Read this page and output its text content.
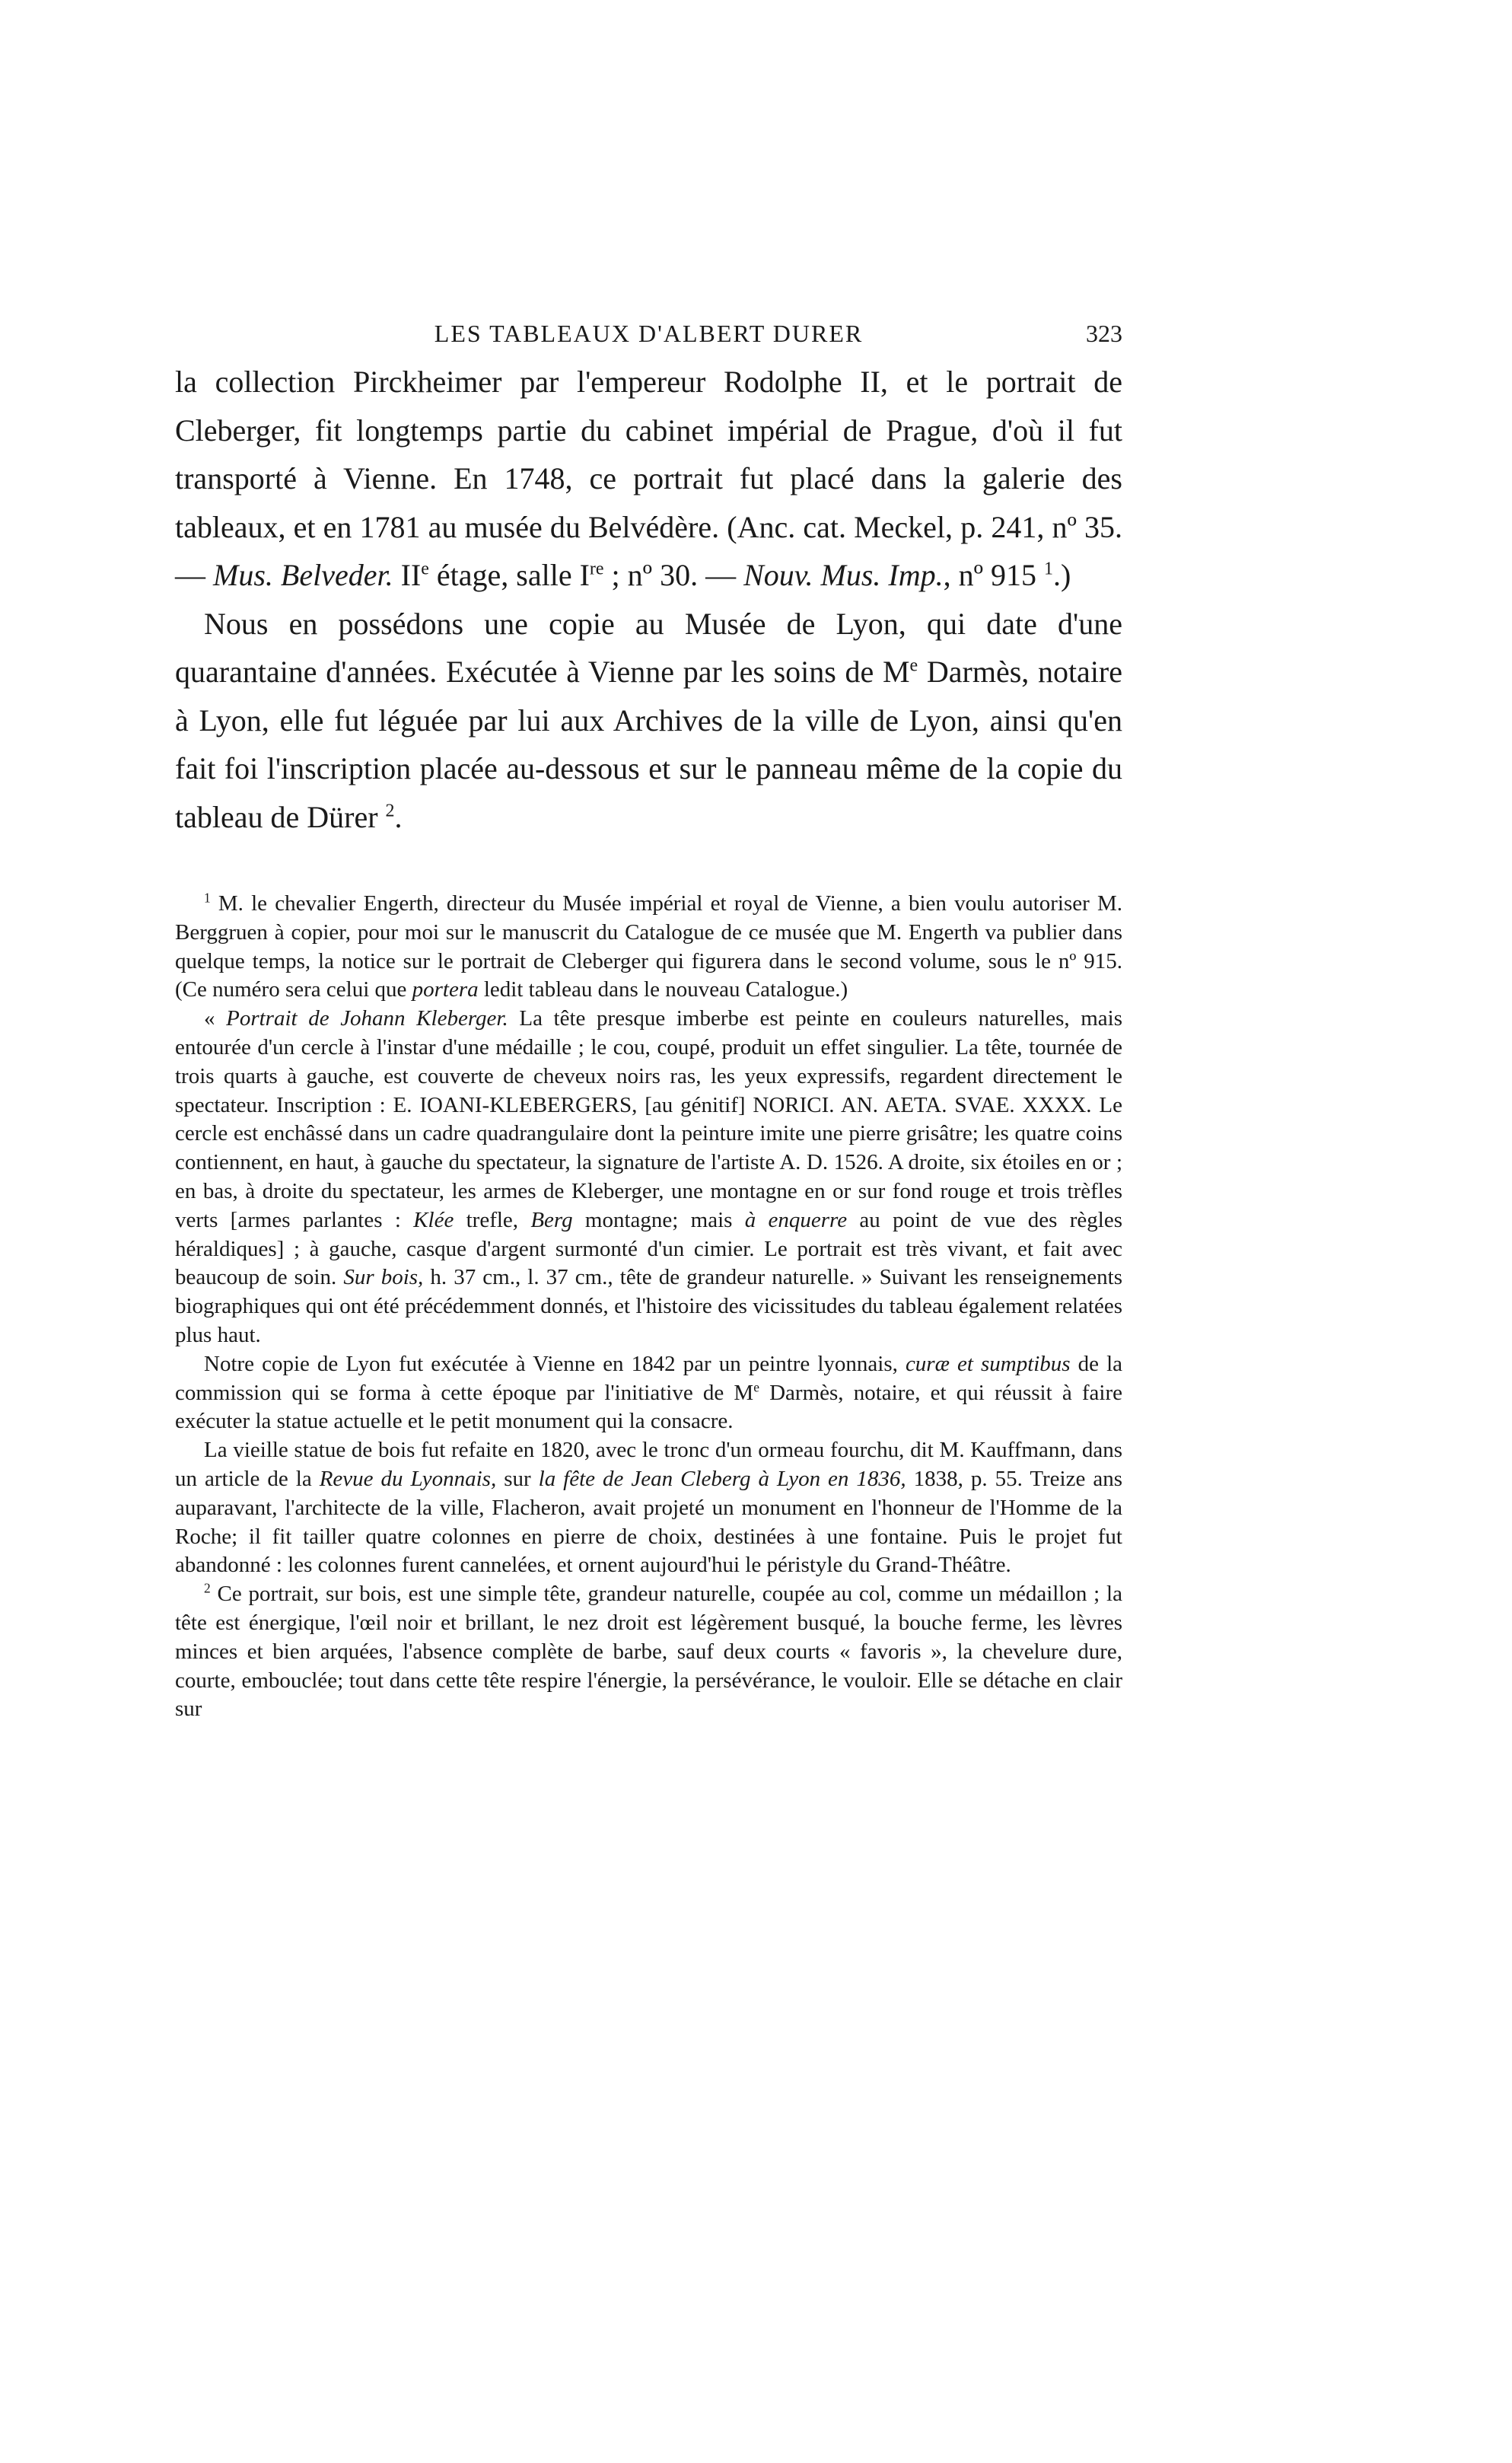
LES TABLEAUX D'ALBERT DURER	323

la collection Pirckheimer par l'empereur Rodolphe II, et le portrait de Cleberger, fit longtemps partie du cabinet impérial de Prague, d'où il fut transporté à Vienne. En 1748, ce portrait fut placé dans la galerie des tableaux, et en 1781 au musée du Belvédère. (Anc. cat. Meckel, p. 241, nº 35. — Mus. Belveder. IIe étage, salle Ire ; nº 30. — Nouv. Mus. Imp., nº 915 $^1$.)

Nous en possédons une copie au Musée de Lyon, qui date d'une quarantaine d'années. Exécutée à Vienne par les soins de Me Darmès, notaire à Lyon, elle fut léguée par lui aux Archives de la ville de Lyon, ainsi qu'en fait foi l'inscription placée au-dessous et sur le panneau même de la copie du tableau de Dürer $^2$.

$^1$ M. le chevalier Engerth, directeur du Musée impérial et royal de Vienne, a bien voulu autoriser M. Berggruen à copier, pour moi sur le manuscrit du Catalogue de ce musée que M. Engerth va publier dans quelque temps, la notice sur le portrait de Cleberger qui figurera dans le second volume, sous le nº 915. (Ce numéro sera celui que portera ledit tableau dans le nouveau Catalogue.)

« Portrait de Johann Kleberger. La tête presque imberbe est peinte en couleurs naturelles, mais entourée d'un cercle à l'instar d'une médaille ; le cou, coupé, produit un effet singulier. La tête, tournée de trois quarts à gauche, est couverte de cheveux noirs ras, les yeux expressifs, regardent directement le spectateur. Inscription : E. IOANI-KLEBERGERS, [au génitif] NORICI. AN. AETA. SVAE. XXXX. Le cercle est enchâssé dans un cadre quadrangulaire dont la peinture imite une pierre grisâtre; les quatre coins contiennent, en haut, à gauche du spectateur, la signature de l'artiste A. D. 1526. A droite, six étoiles en or ; en bas, à droite du spectateur, les armes de Kleberger, une montagne en or sur fond rouge et trois trèfles verts [armes parlantes : Klée trefle, Berg montagne; mais à enquerre au point de vue des règles héraldiques] ; à gauche, casque d'argent surmonté d'un cimier. Le portrait est très vivant, et fait avec beaucoup de soin. Sur bois, h. 37 cm., l. 37 cm., tête de grandeur naturelle. » Suivant les renseignements biographiques qui ont été précédemment donnés, et l'histoire des vicissitudes du tableau également relatées plus haut.

Notre copie de Lyon fut exécutée à Vienne en 1842 par un peintre lyonnais, curæ et sumptibus de la commission qui se forma à cette époque par l'initiative de Me Darmès, notaire, et qui réussit à faire exécuter la statue actuelle et le petit monument qui la consacre.

La vieille statue de bois fut refaite en 1820, avec le tronc d'un ormeau fourchu, dit M. Kauffmann, dans un article de la Revue du Lyonnais, sur la fête de Jean Cleberg à Lyon en 1836, 1838, p. 55. Treize ans auparavant, l'architecte de la ville, Flacheron, avait projeté un monument en l'honneur de l'Homme de la Roche; il fit tailler quatre colonnes en pierre de choix, destinées à une fontaine. Puis le projet fut abandonné : les colonnes furent cannelées, et ornent aujourd'hui le péristyle du Grand-Théâtre.

$^2$ Ce portrait, sur bois, est une simple tête, grandeur naturelle, coupée au col, comme un médaillon ; la tête est énergique, l'œil noir et brillant, le nez droit est légèrement busqué, la bouche ferme, les lèvres minces et bien arquées, l'absence complète de barbe, sauf deux courts « favoris », la chevelure dure, courte, embouclée; tout dans cette tête respire l'énergie, la persévérance, le vouloir. Elle se détache en clair sur
